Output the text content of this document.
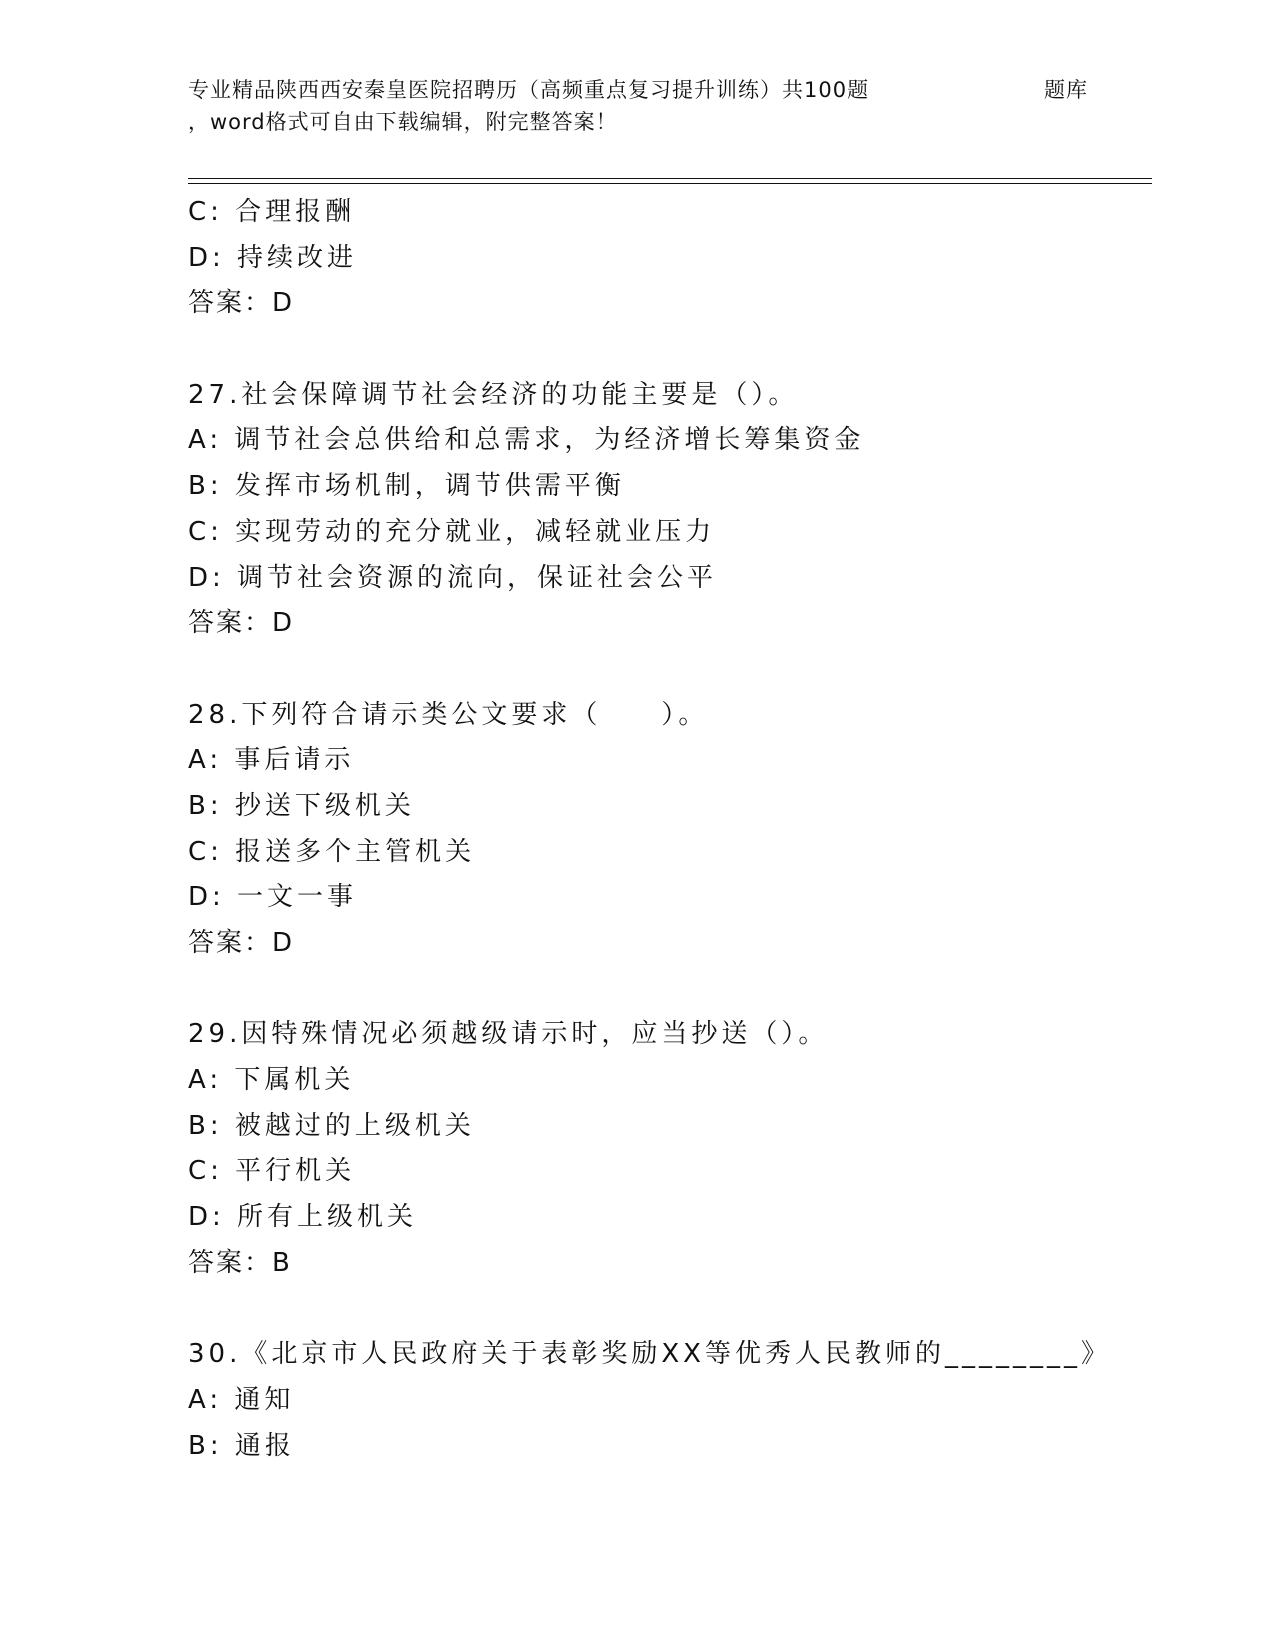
专业精品陕西西安秦皇医院招聘历（高频重点复习提升训练）共100题	题库
，word格式可自由下载编辑，附完整答案！
C: 合理报酬
D: 持续改进
答案：D
27.社会保障调节社会经济的功能主要是（）。
A: 调节社会总供给和总需求，为经济增长筹集资金
B: 发挥市场机制，调节供需平衡
C: 实现劳动的充分就业，减轻就业压力
D: 调节社会资源的流向，保证社会公平
答案：D
28.下列符合请示类公文要求（　　）。
A: 事后请示
B: 抄送下级机关
C: 报送多个主管机关
D: 一文一事
答案：D
29.因特殊情况必须越级请示时，应当抄送（）。
A: 下属机关
B: 被越过的上级机关
C: 平行机关
D: 所有上级机关
答案：B
30.《北京市人民政府关于表彰奖励XX等优秀人民教师的________》
A: 通知
B: 通报
